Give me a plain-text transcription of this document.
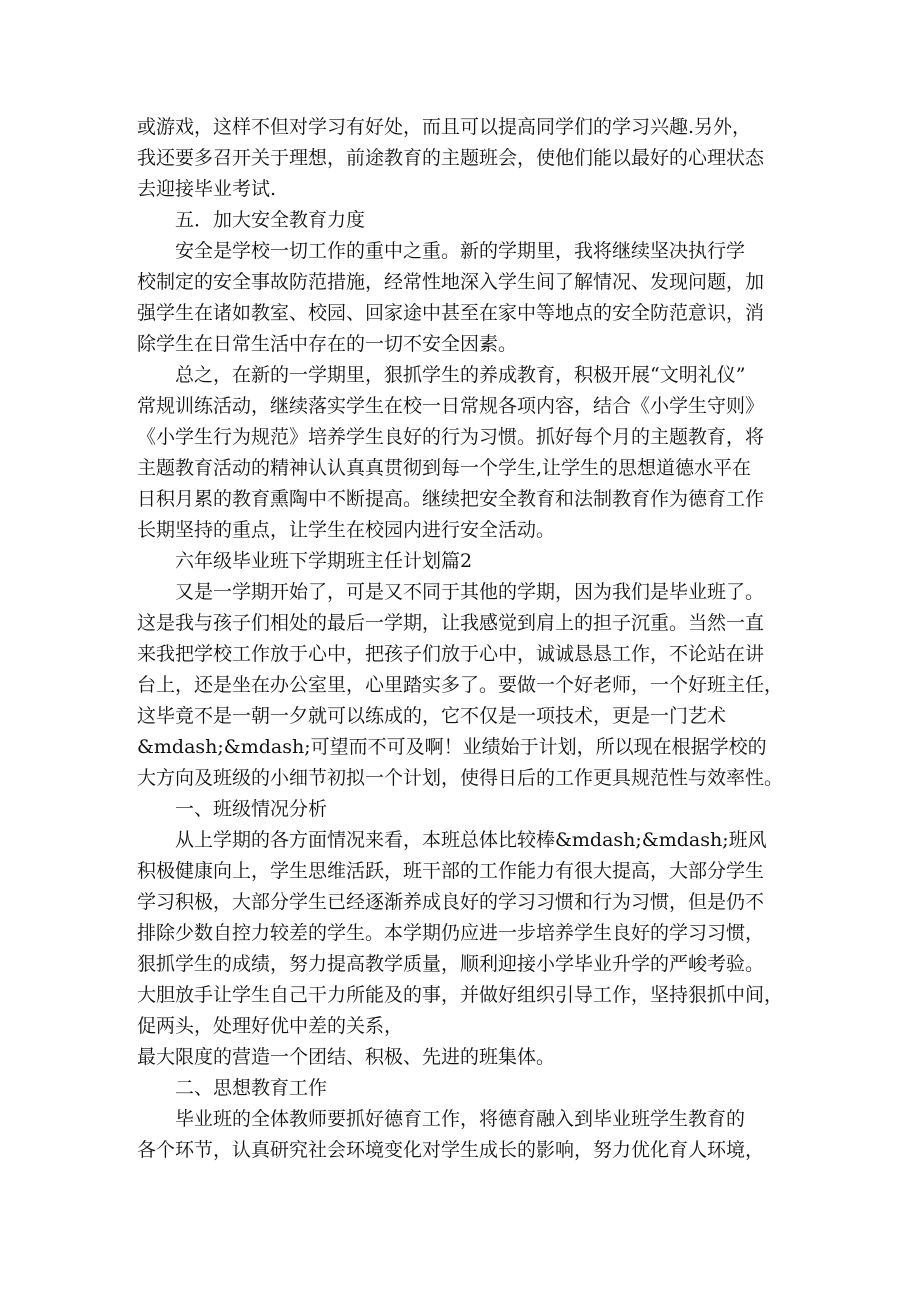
或游戏，这样不但对学习有好处，而且可以提高同学们的学习兴趣.另外，
我还要多召开关于理想，前途教育的主题班会，使他们能以最好的心理状态
去迎接毕业考试.
五．加大安全教育力度
安全是学校一切工作的重中之重。新的学期里，我将继续坚决执行学
校制定的安全事故防范措施，经常性地深入学生间了解情况、发现问题，加
强学生在诸如教室、校园、回家途中甚至在家中等地点的安全防范意识，消
除学生在日常生活中存在的一切不安全因素。
总之，在新的一学期里，狠抓学生的养成教育，积极开展“文明礼仪”
常规训练活动，继续落实学生在校一日常规各项内容，结合《小学生守则》
《小学生行为规范》培养学生良好的行为习惯。抓好每个月的主题教育，将
主题教育活动的精神认认真真贯彻到每一个学生,让学生的思想道德水平在
日积月累的教育熏陶中不断提高。继续把安全教育和法制教育作为德育工作
长期坚持的重点，让学生在校园内进行安全活动。
六年级毕业班下学期班主任计划篇2
又是一学期开始了，可是又不同于其他的学期，因为我们是毕业班了。
这是我与孩子们相处的最后一学期，让我感觉到肩上的担子沉重。当然一直
来我把学校工作放于心中，把孩子们放于心中，诚诚恳恳工作，不论站在讲
台上，还是坐在办公室里，心里踏实多了。要做一个好老师，一个好班主任，
这毕竟不是一朝一夕就可以练成的，它不仅是一项技术，更是一门艺术
&mdash;&mdash;可望而不可及啊！业绩始于计划，所以现在根据学校的
大方向及班级的小细节初拟一个计划，使得日后的工作更具规范性与效率性。
一、班级情况分析
从上学期的各方面情况来看，本班总体比较棒&mdash;&mdash;班风
积极健康向上，学生思维活跃，班干部的工作能力有很大提高，大部分学生
学习积极，大部分学生已经逐渐养成良好的学习习惯和行为习惯，但是仍不
排除少数自控力较差的学生。本学期仍应进一步培养学生良好的学习习惯，
狠抓学生的成绩，努力提高教学质量，顺利迎接小学毕业升学的严峻考验。
大胆放手让学生自己干力所能及的事，并做好组织引导工作，坚持狠抓中间，
促两头，处理好优中差的关系，
最大限度的营造一个团结、积极、先进的班集体。
二、思想教育工作
毕业班的全体教师要抓好德育工作，将德育融入到毕业班学生教育的
各个环节，认真研究社会环境变化对学生成长的影响，努力优化育人环境，
